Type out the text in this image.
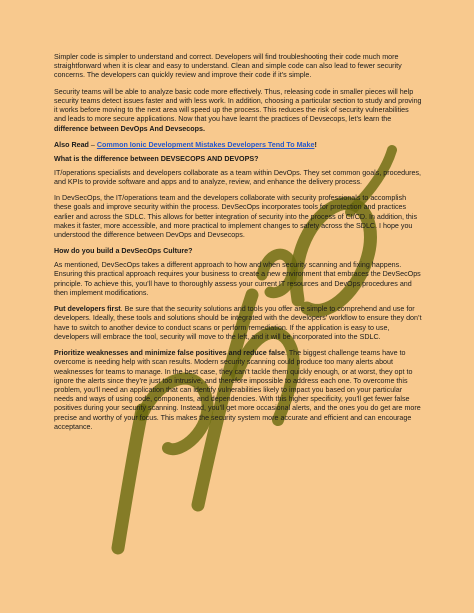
Simpler code is simpler to understand and correct. Developers will find troubleshooting their code much more straightforward when it is clear and easy to understand. Clean and simple code can also lead to fewer security concerns. The developers can quickly review and improve their code if it’s simple.

Security teams will be able to analyze basic code more effectively. Thus, releasing code in smaller pieces will help security teams detect issues faster and with less work. In addition, choosing a particular section to study and proving it works before moving to the next area will speed up the process. This reduces the risk of security vulnerabilities and leads to more secure applications. Now that you have learnt the practices of Devsecops, let’s learn the difference between DevOps And Devsecops.

Also Read – Common Ionic Development Mistakes Developers Tend To Make!

What is the difference between DEVSECOPS AND DEVOPS?

IT/operations specialists and developers collaborate as a team within DevOps. They set common goals, procedures, and KPIs to provide software and apps and to analyze, review, and enhance the delivery process.

In DevSecOps, the IT/operations team and the developers collaborate with security professionals to accomplish these goals and improve security within the process. DevSecOps incorporates tools for protection and practices earlier and across the SDLC. This allows for better integration of security into the process of CI/CD. In addition, this makes it faster, more accessible, and more practical to implement changes to safety across the SDLC. I hope you understood the difference between DevOps and Devsecops.

How do you build a DevSecOps Culture?

As mentioned, DevSecOps takes a different approach to how and when security scanning and fixing happens. Ensuring this practical approach requires your business to create a new environment that embraces the DevSecOps principle. To achieve this, you’ll have to thoroughly assess your current IT resources and DevOps procedures and then implement modifications.

Put developers first. Be sure that the security solutions and tools you offer are simple to comprehend and use for developers. Ideally, these tools and solutions should be integrated with the developers’ workflow to ensure they don’t have to switch to another device to conduct scans or perform remediation. If the application is easy to use, developers will embrace the tool, security will move to the left, and it will be incorporated into the SDLC.

Prioritize weaknesses and minimize false positives and reduce false. The biggest challenge teams have to overcome is needing help with scan results. Modern security scanning could produce too many alerts about weaknesses for teams to manage. In the best case, they can’t tackle them quickly enough, or at worst, they opt to ignore the alerts since they’re just too intrusive, and therefore impossible to address each one. To overcome this problem, you’ll need an application that can identify vulnerabilities likely to impact you based on your particular needs and ways of using code, components, and dependencies. With this higher specificity, you’ll get fewer false positives during your security scanning. Instead, you’ll get more occasional alerts, and the ones you do get are more precise and worthy of your focus. This makes the security system more accurate and efficient and can encourage acceptance.
